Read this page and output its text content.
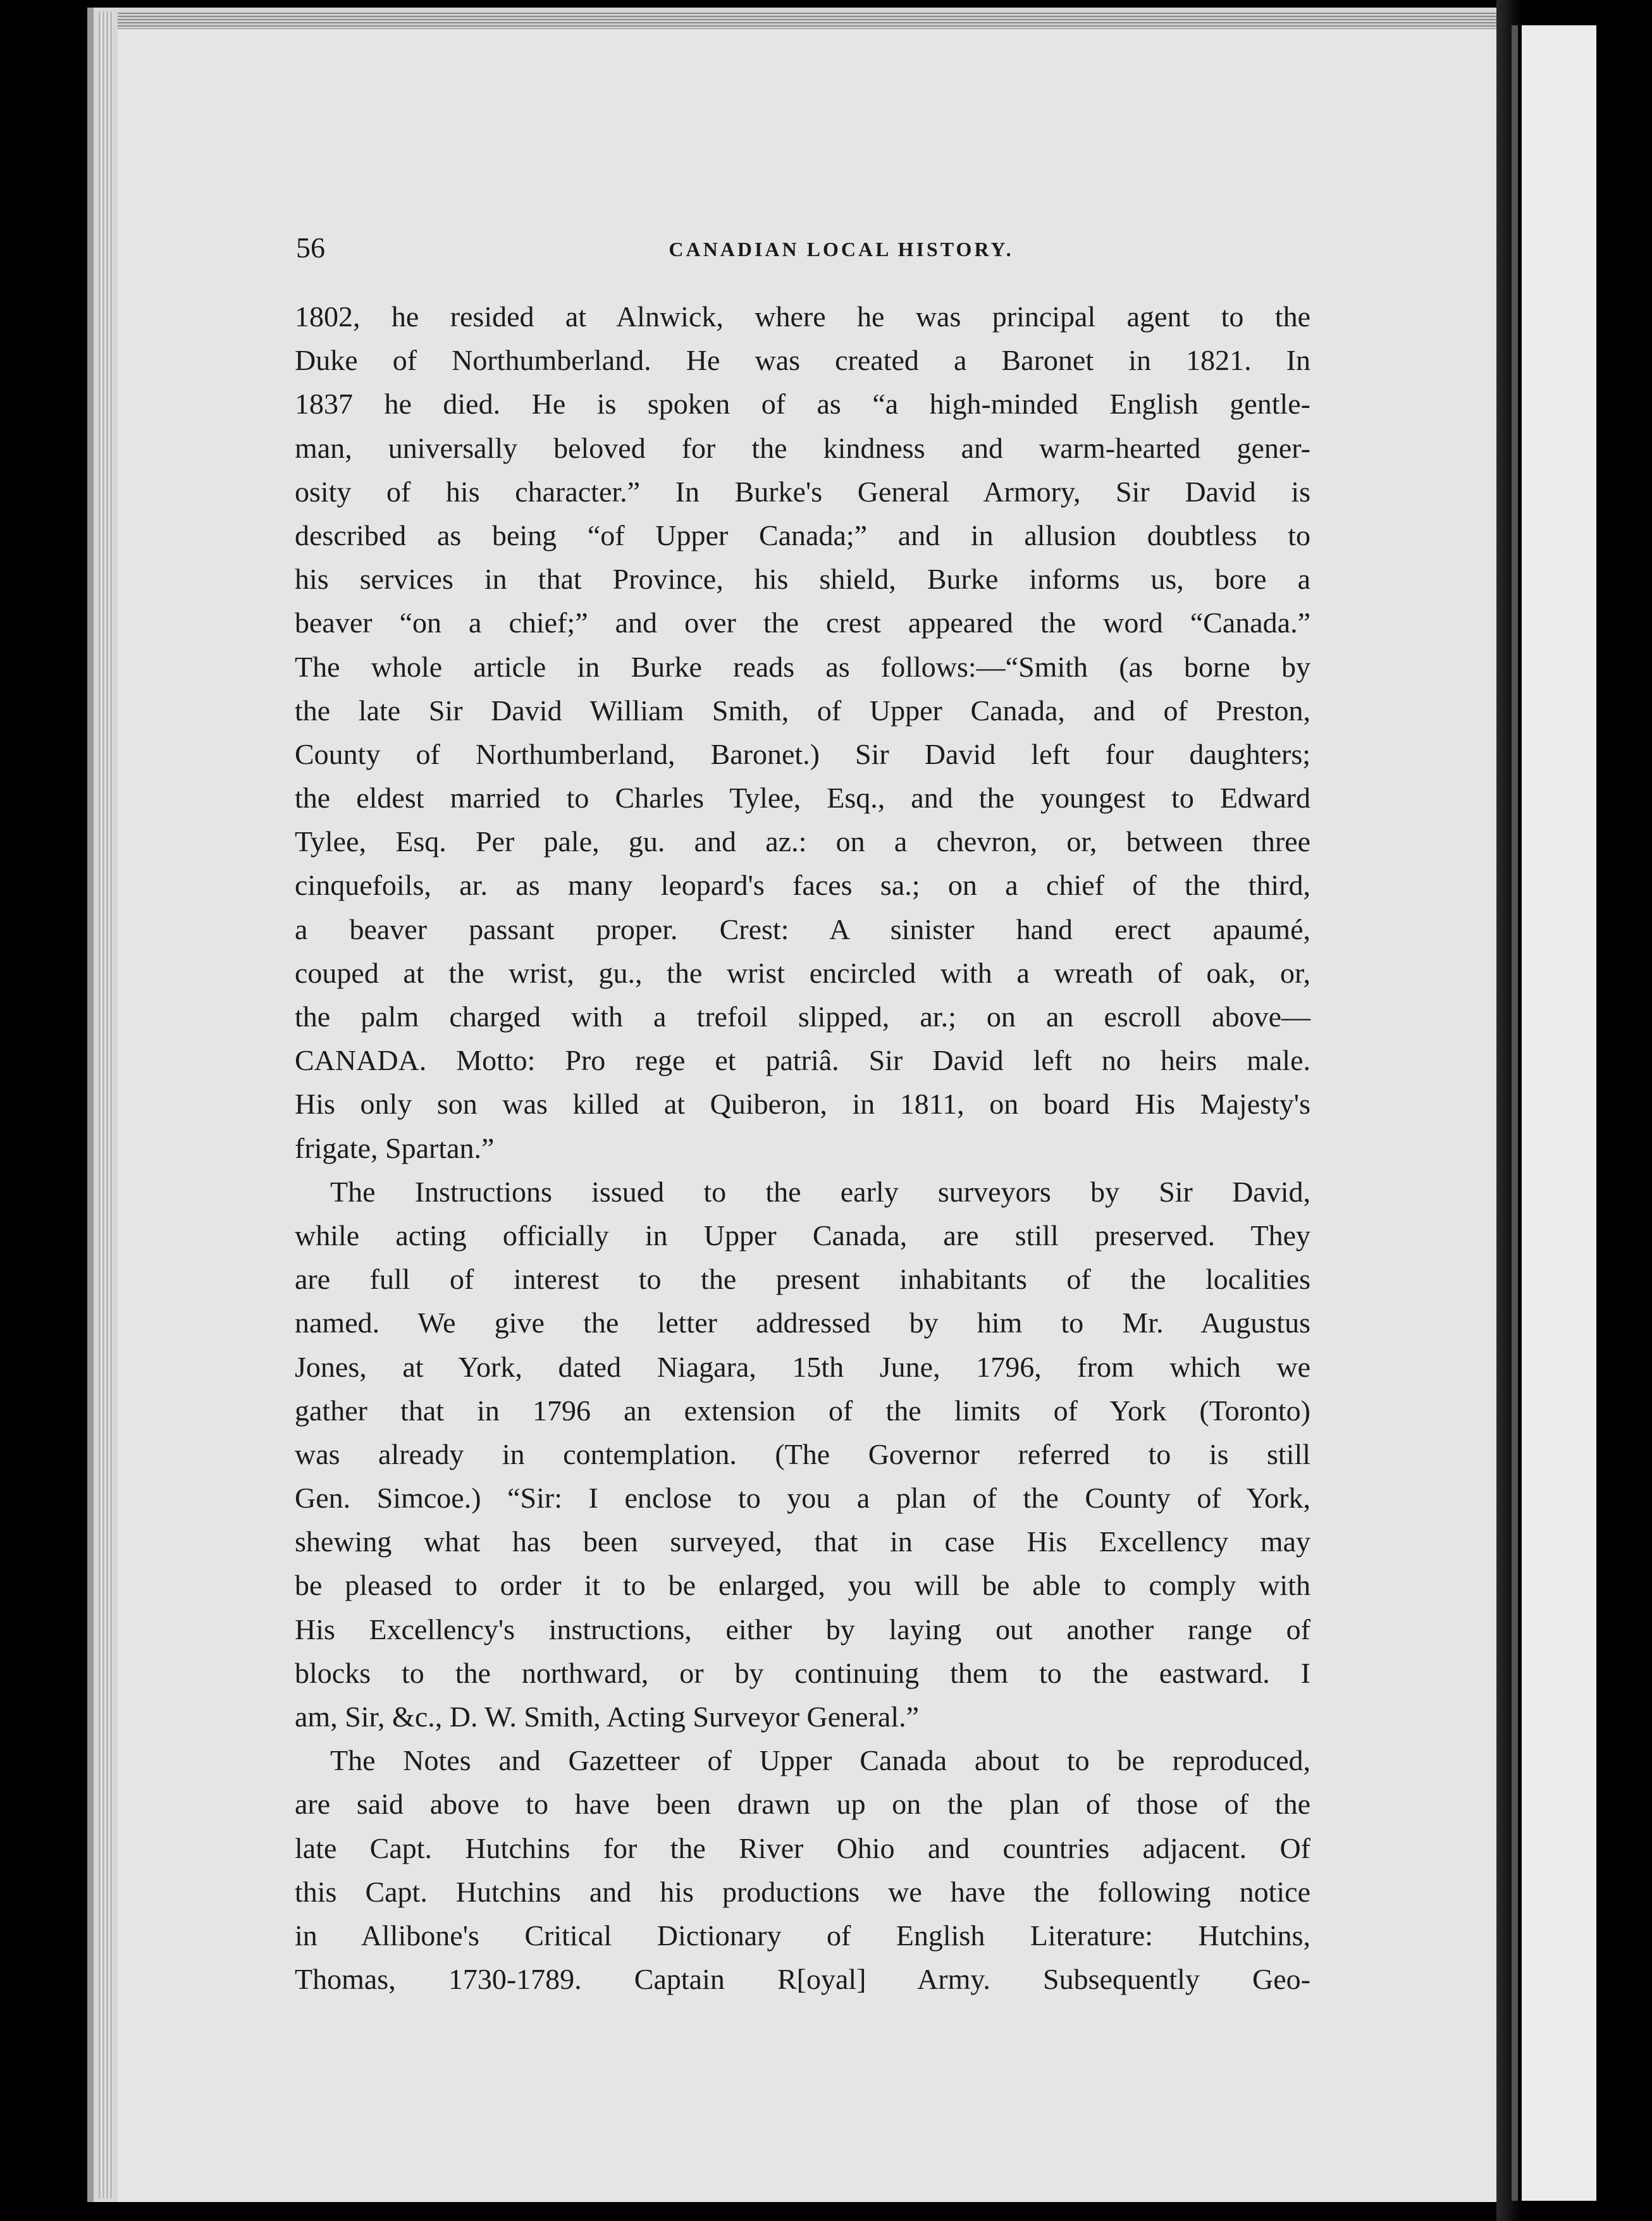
56	CANADIAN LOCAL HISTORY.
1802, he resided at Alnwick, where he was principal agent to the
Duke of Northumberland. He was created a Baronet in 1821. In
1837 he died. He is spoken of as “a high-minded English gentle-
man, universally beloved for the kindness and warm-hearted gener-
osity of his character.” In Burke's General Armory, Sir David is
described as being “of Upper Canada;” and in allusion doubtless to
his services in that Province, his shield, Burke informs us, bore a
beaver “on a chief;” and over the crest appeared the word “Canada.”
The whole article in Burke reads as follows:—“Smith (as borne by
the late Sir David William Smith, of Upper Canada, and of Preston,
County of Northumberland, Baronet.) Sir David left four daughters;
the eldest married to Charles Tylee, Esq., and the youngest to Edward
Tylee, Esq. Per pale, gu. and az.: on a chevron, or, between three
cinquefoils, ar. as many leopard's faces sa.; on a chief of the third,
a beaver passant proper. Crest: A sinister hand erect apaumé,
couped at the wrist, gu., the wrist encircled with a wreath of oak, or,
the palm charged with a trefoil slipped, ar.; on an escroll above—
CANADA. Motto: Pro rege et patriâ. Sir David left no heirs male.
His only son was killed at Quiberon, in 1811, on board His Majesty's
frigate, Spartan.”
The Instructions issued to the early surveyors by Sir David,
while acting officially in Upper Canada, are still preserved. They
are full of interest to the present inhabitants of the localities
named. We give the letter addressed by him to Mr. Augustus
Jones, at York, dated Niagara, 15th June, 1796, from which we
gather that in 1796 an extension of the limits of York (Toronto)
was already in contemplation. (The Governor referred to is still
Gen. Simcoe.) “Sir: I enclose to you a plan of the County of York,
shewing what has been surveyed, that in case His Excellency may
be pleased to order it to be enlarged, you will be able to comply with
His Excellency's instructions, either by laying out another range of
blocks to the northward, or by continuing them to the eastward. I
am, Sir, &c., D. W. Smith, Acting Surveyor General.”
The Notes and Gazetteer of Upper Canada about to be reproduced,
are said above to have been drawn up on the plan of those of the
late Capt. Hutchins for the River Ohio and countries adjacent. Of
this Capt. Hutchins and his productions we have the following notice
in Allibone's Critical Dictionary of English Literature: Hutchins,
Thomas, 1730-1789. Captain R[oyal] Army. Subsequently Geo-
